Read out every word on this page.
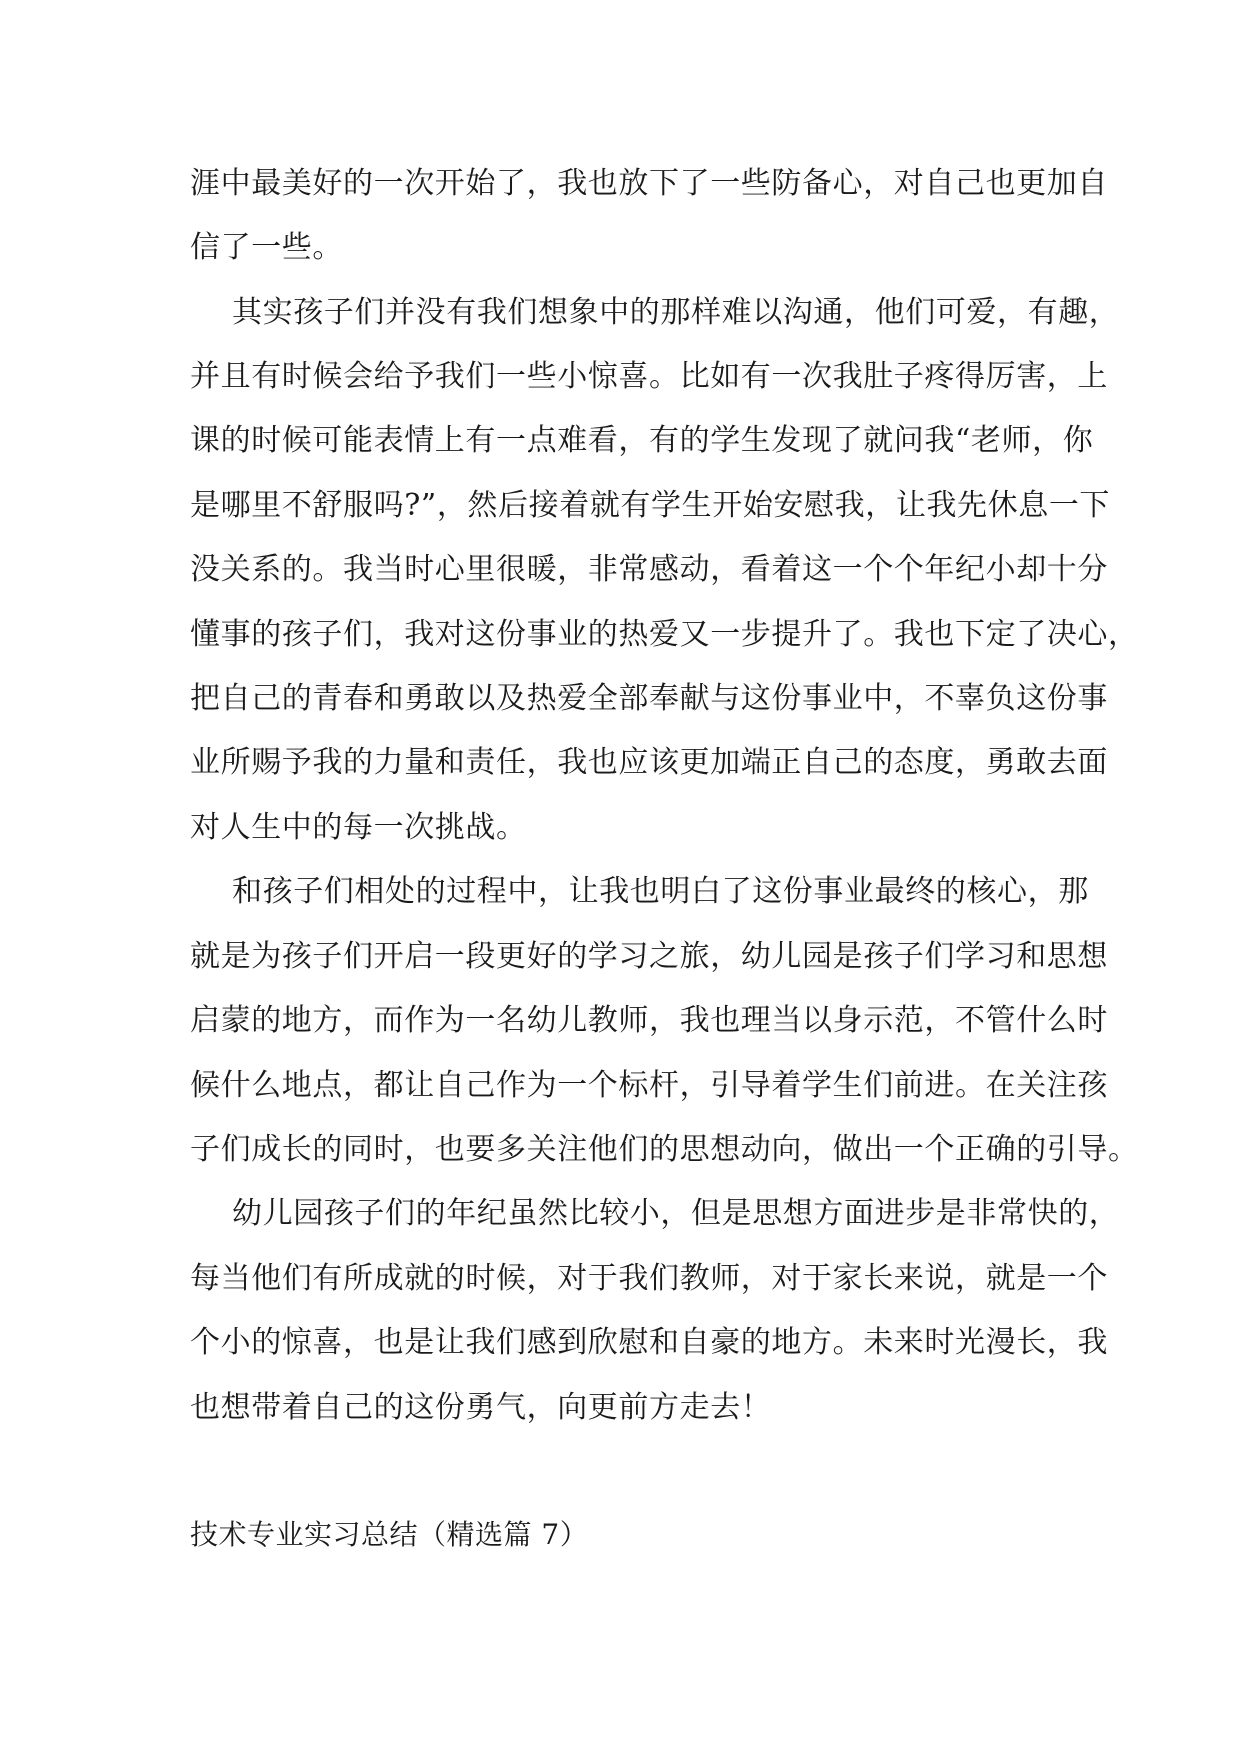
涯中最美好的一次开始了，我也放下了一些防备心，对自己也更加自
信了一些。
其实孩子们并没有我们想象中的那样难以沟通，他们可爱，有趣，
并且有时候会给予我们一些小惊喜。比如有一次我肚子疼得厉害，上
课的时候可能表情上有一点难看，有的学生发现了就问我“老师，你
是哪里不舒服吗?”，然后接着就有学生开始安慰我，让我先休息一下
没关系的。我当时心里很暖，非常感动，看着这一个个年纪小却十分
懂事的孩子们，我对这份事业的热爱又一步提升了。我也下定了决心，
把自己的青春和勇敢以及热爱全部奉献与这份事业中，不辜负这份事
业所赐予我的力量和责任，我也应该更加端正自己的态度，勇敢去面
对人生中的每一次挑战。
和孩子们相处的过程中，让我也明白了这份事业最终的核心，那
就是为孩子们开启一段更好的学习之旅，幼儿园是孩子们学习和思想
启蒙的地方，而作为一名幼儿教师，我也理当以身示范，不管什么时
候什么地点，都让自己作为一个标杆，引导着学生们前进。在关注孩
子们成长的同时，也要多关注他们的思想动向，做出一个正确的引导。
幼儿园孩子们的年纪虽然比较小，但是思想方面进步是非常快的，
每当他们有所成就的时候，对于我们教师，对于家长来说，就是一个
个小的惊喜，也是让我们感到欣慰和自豪的地方。未来时光漫长，我
也想带着自己的这份勇气，向更前方走去！
技术专业实习总结（精选篇 7）
